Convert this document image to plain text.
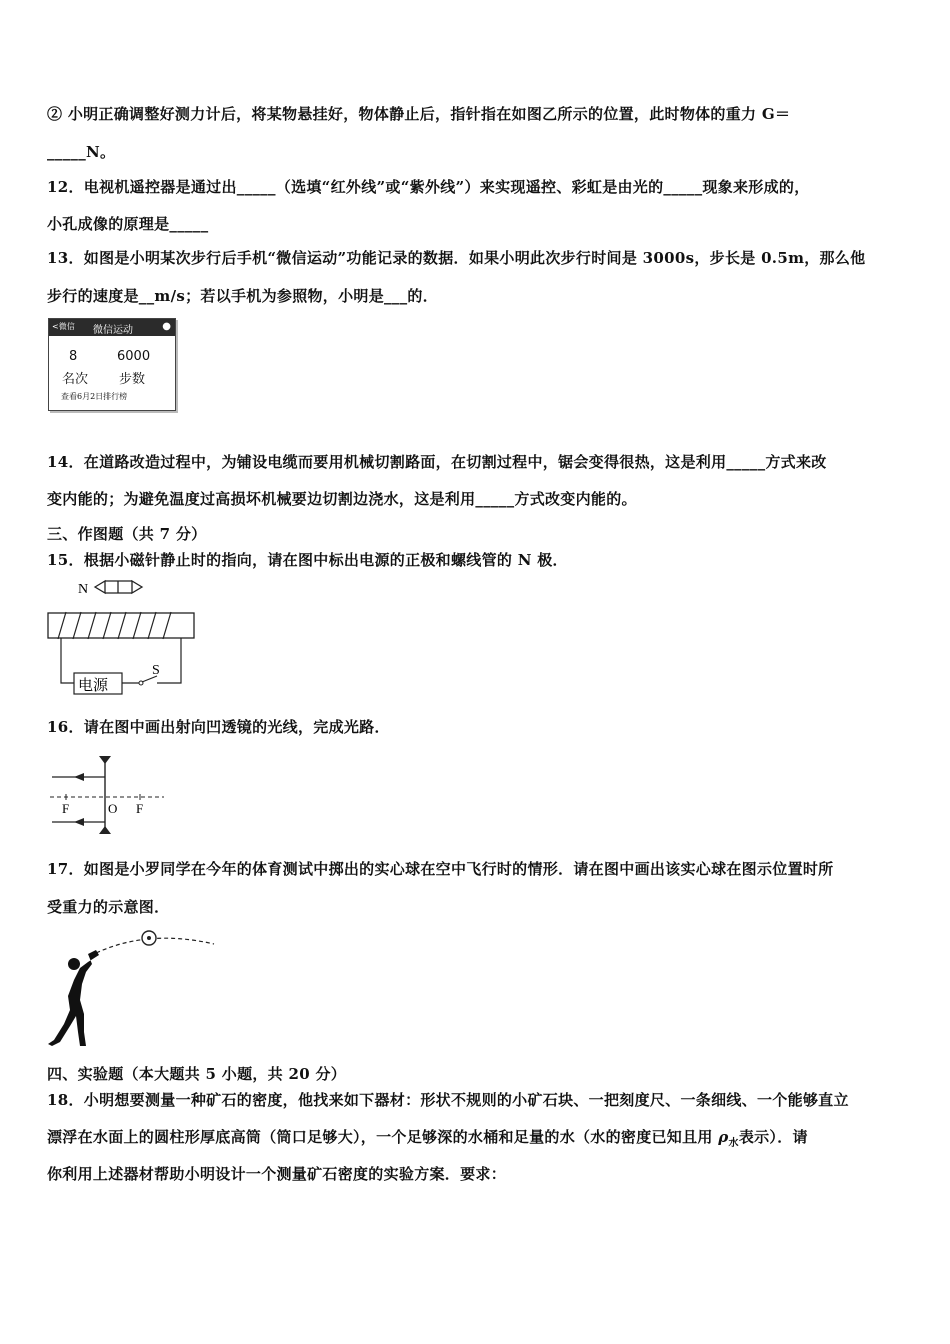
② 小明正确调整好测力计后，将某物悬挂好，物体静止后，指针指在如图乙所示的位置，此时物体的重力 G＝
_____N。
12．电视机遥控器是通过出_____（选填“红外线”或“紫外线”）来实现遥控、彩虹是由光的_____现象来形成的，
小孔成像的原理是_____
13．如图是小明某次步行后手机“微信运动”功能记录的数据．如果小明此次步行时间是 3000s，步长是 0.5m，那么他
步行的速度是__m/s；若以手机为参照物，小明是___的．
<微信 微信运动	●
8	6000
名次 步数
查看6月2日排行榜
14．在道路改造过程中，为铺设电缆而要用机械切割路面，在切割过程中，锯会变得很热，这是利用_____方式来改
变内能的；为避免温度过高损坏机械要边切割边浇水，这是利用_____方式改变内能的。
三、作图题（共 7 分）
15．根据小磁针静止时的指向，请在图中标出电源的正极和螺线管的 N 极．
N
电源
S
16．请在图中画出射向凹透镜的光线，完成光路．
F	O F
17．如图是小罗同学在今年的体育测试中掷出的实心球在空中飞行时的情形．请在图中画出该实心球在图示位置时所
受重力的示意图．
四、实验题（本大题共 5 小题，共 20 分）
18．小明想要测量一种矿石的密度，他找来如下器材：形状不规则的小矿石块、一把刻度尺、一条细线、一个能够直立
漂浮在水面上的圆柱形厚底高筒（筒口足够大），一个足够深的水桶和足量的水（水的密度已知且用 $\rho_水$表示）．请
你利用上述器材帮助小明设计一个测量矿石密度的实验方案．要求：
